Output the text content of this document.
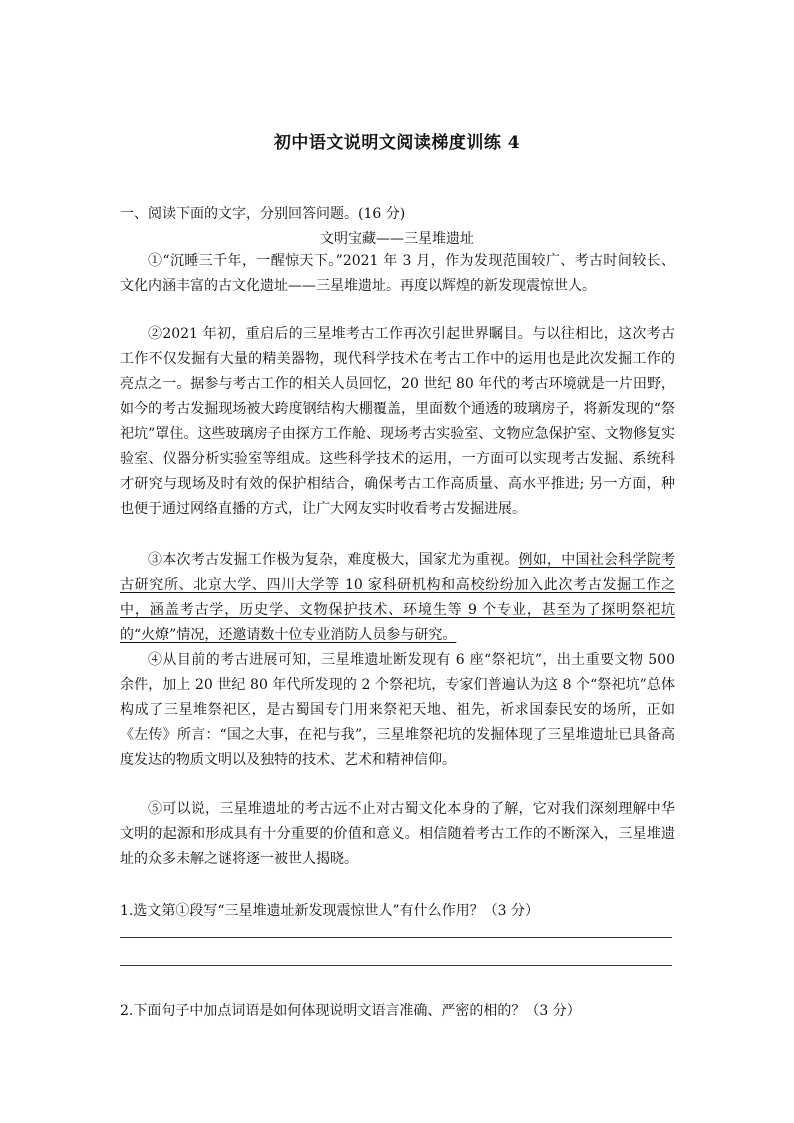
初中语文说明文阅读梯度训练 4
一、阅读下面的文字，分别回答问题。(16 分)
文明宝藏——三星堆遗址

①“沉睡三千年，一醒惊天下。”2021 年 3 月，作为发现范围较广、考古时间较长、文化内涵丰富的古文化遗址——三星堆遗址。再度以辉煌的新发现震惊世人。

②2021 年初，重启后的三星堆考古工作再次引起世界瞩目。与以往相比，这次考古工作不仅发掘有大量的精美器物，现代科学技术在考古工作中的运用也是此次发掘工作的亮点之一。据参与考古工作的相关人员回忆，20 世纪 80 年代的考古环境就是一片田野，如今的考古发掘现场被大跨度钢结构大棚覆盖，里面数个通透的玻璃房子，将新发现的“祭祀坑”罩住。这些玻璃房子由探方工作舱、现场考古实验室、文物应急保护室、文物修复实验室、仪器分析实验室等组成。这些科学技术的运用，一方面可以实现考古发掘、系统科才研究与现场及时有效的保护相结合，确保考古工作高质量、高水平推进; 另一方面，种也便于通过网络直播的方式，让广大网友实时收看考古发掘进展。

③本次考古发掘工作极为复杂，难度极大，国家尤为重视。例如，中国社会科学院考古研究所、北京大学、四川大学等 10 家科研机构和高校纷纷加入此次考古发掘工作之中，涵盖考古学，历史学、文物保护技术、环境生等 9 个专业，甚至为了探明祭祀坑的“火燎”情况，还邀请数十位专业消防人员参与研究。

④从目前的考古进展可知，三星堆遗址断发现有 6 座“祭祀坑”，出土重要文物 500 余件，加上 20 世纪 80 年代所发现的 2 个祭祀坑，专家们普遍认为这 8 个“祭祀坑”总体构成了三星堆祭祀区，是古蜀国专门用来祭祀天地、祖先，祈求国泰民安的场所，正如《左传》所言：“国之大事，在祀与我”，三星堆祭祀坑的发掘体现了三星堆遗址已具备高度发达的物质文明以及独特的技术、艺术和精神信仰。

⑤可以说，三星堆遗址的考古远不止对古蜀文化本身的了解，它对我们深刻理解中华文明的起源和形成具有十分重要的价值和意义。相信随着考古工作的不断深入，三星堆遗址的众多未解之谜将逐一被世人揭晓。

1.选文第①段写“三星堆遗址新发现震惊世人”有什么作用？（3 分）
2.下面句子中加点词语是如何体现说明文语言准确、严密的相的？（3 分）
